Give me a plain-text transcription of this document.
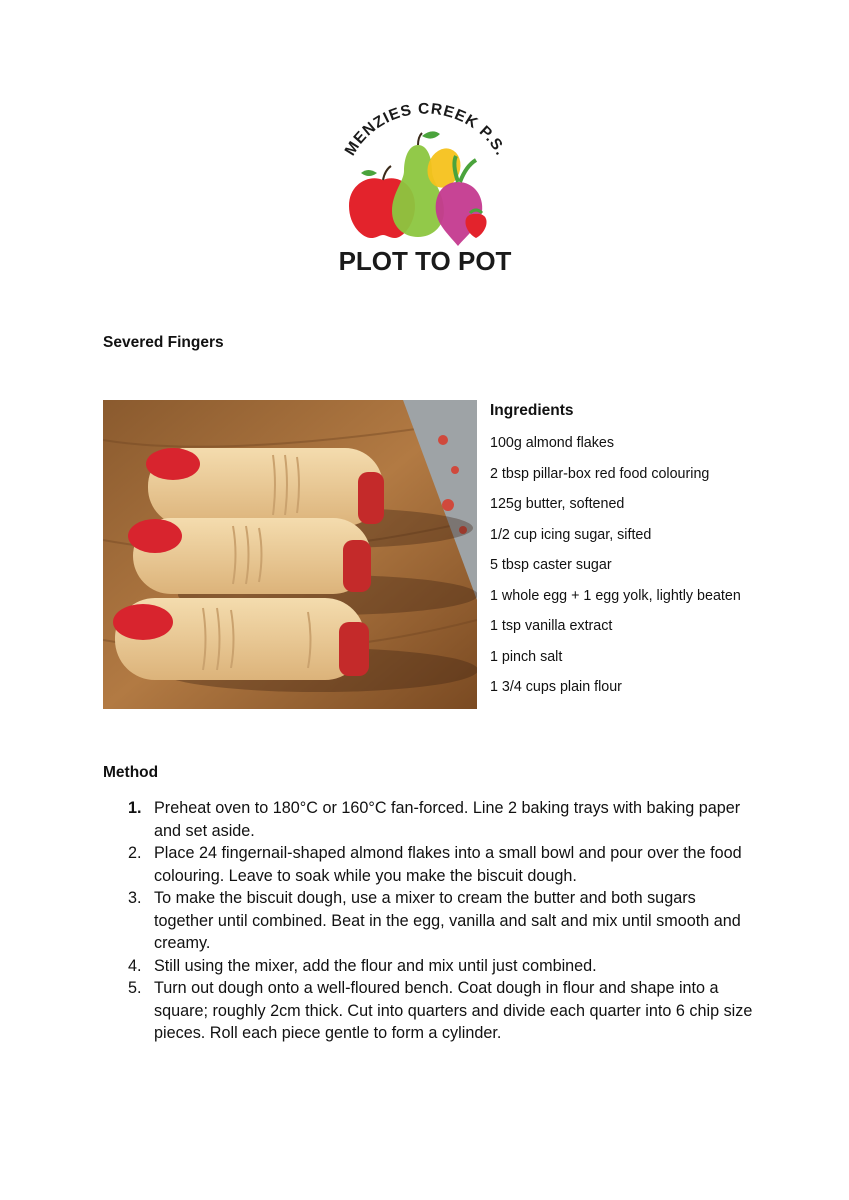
MENZIES CREEK P.S.
PLOT TO POT
Severed Fingers
Ingredients
100g almond flakes
2 tbsp pillar-box red food colouring
125g butter, softened
1/2 cup icing sugar, sifted
5 tbsp caster sugar
1 whole egg + 1 egg yolk, lightly beaten
1 tsp vanilla extract
1 pinch salt
1 3/4 cups plain flour
Method
1. Preheat oven to 180°C or 160°C fan-forced. Line 2 baking trays with baking paper and set aside.
2. Place 24 fingernail-shaped almond flakes into a small bowl and pour over the food colouring. Leave to soak while you make the biscuit dough.
3. To make the biscuit dough, use a mixer to cream the butter and both sugars together until combined. Beat in the egg, vanilla and salt and mix until smooth and creamy.
4. Still using the mixer, add the flour and mix until just combined.
5. Turn out dough onto a well-floured bench. Coat dough in flour and shape into a square; roughly 2cm thick. Cut into quarters and divide each quarter into 6 chip size pieces. Roll each piece gentle to form a cylinder.
